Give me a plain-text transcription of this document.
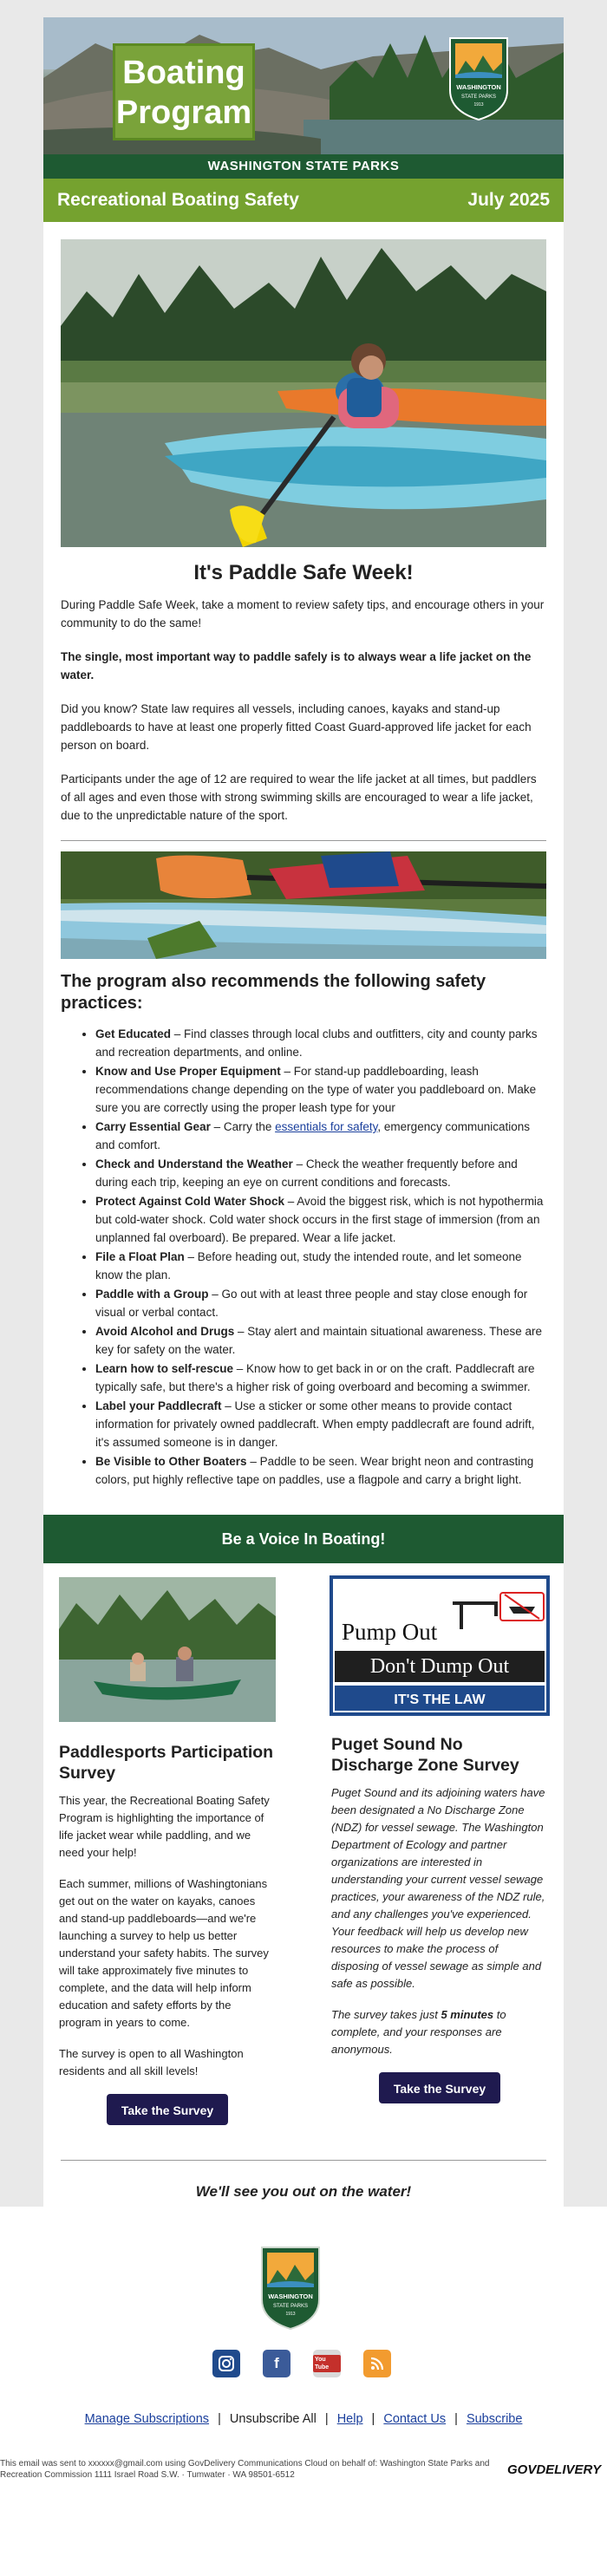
Boating
Program
WASHINGTON
STATE PARKS
1913
WASHINGTON STATE PARKS
Recreational Boating Safety	July 2025
It's Paddle Safe Week!

During Paddle Safe Week, take a moment to review safety tips, and encourage others in your community to do the same!

The single, most important way to paddle safely is to always wear a life jacket on the water.

Did you know? State law requires all vessels, including canoes, kayaks and stand-up paddleboards to have at least one properly fitted Coast Guard-approved life jacket for each person on board.

Participants under the age of 12 are required to wear the life jacket at all times, but paddlers of all ages and even those with strong swimming skills are encouraged to wear a life jacket, due to the unpredictable nature of the sport.

The program also recommends the following safety practices:
• Get Educated – Find classes through local clubs and outfitters, city and county parks and recreation departments, and online.
• Know and Use Proper Equipment – For stand-up paddleboarding, leash recommendations change depending on the type of water you paddleboard on. Make sure you are correctly using the proper leash type for your
• Carry Essential Gear – Carry the essentials for safety, emergency communications and comfort.
• Check and Understand the Weather – Check the weather frequently before and during each trip, keeping an eye on current conditions and forecasts.
• Protect Against Cold Water Shock – Avoid the biggest risk, which is not hypothermia but cold-water shock. Cold water shock occurs in the first stage of immersion (from an unplanned fal overboard). Be prepared. Wear a life jacket.
• File a Float Plan – Before heading out, study the intended route, and let someone know the plan.
• Paddle with a Group – Go out with at least three people and stay close enough for visual or verbal contact.
• Avoid Alcohol and Drugs – Stay alert and maintain situational awareness. These are key for safety on the water.
• Learn how to self-rescue – Know how to get back in or on the craft. Paddlecraft are typically safe, but there's a higher risk of going overboard and becoming a swimmer.
• Label your Paddlecraft – Use a sticker or some other means to provide contact information for privately owned paddlecraft. When empty paddlecraft are found adrift, it's assumed someone is in danger.
• Be Visible to Other Boaters – Paddle to be seen. Wear bright neon and contrasting colors, put highly reflective tape on paddles, use a flagpole and carry a bright light.
Be a Voice In Boating!
Paddlesports Participation Survey

This year, the Recreational Boating Safety Program is highlighting the importance of life jacket wear while paddling, and we need your help!

Each summer, millions of Washingtonians get out on the water on kayaks, canoes and stand-up paddleboards—and we're launching a survey to help us better understand your safety habits. The survey will take approximately five minutes to complete, and the data will help inform education and safety efforts by the program in years to come.

The survey is open to all Washington residents and all skill levels!

Take the Survey
Pump Out
Don't Dump Out
IT'S THE LAW
Puget Sound No Discharge Zone Survey

Puget Sound and its adjoining waters have been designated a No Discharge Zone (NDZ) for vessel sewage. The Washington Department of Ecology and partner organizations are interested in understanding your current vessel sewage practices, your awareness of the NDZ rule, and any challenges you've experienced. Your feedback will help us develop new resources to make the process of disposing of vessel sewage as simple and safe as possible.

The survey takes just 5 minutes to complete, and your responses are anonymous.

Take the Survey
We'll see you out on the water!
WASHINGTON
STATE PARKS
1913
f	You Tube
Manage Subscriptions | Unsubscribe All | Help | Contact Us | Subscribe
This email was sent to xxxxxx@gmail.com using GovDelivery Communications Cloud on behalf of: Washington State Parks and Recreation Commission 1111 Israel Road S.W. · Tumwater · WA 98501-6512	GOVDELIVERY
